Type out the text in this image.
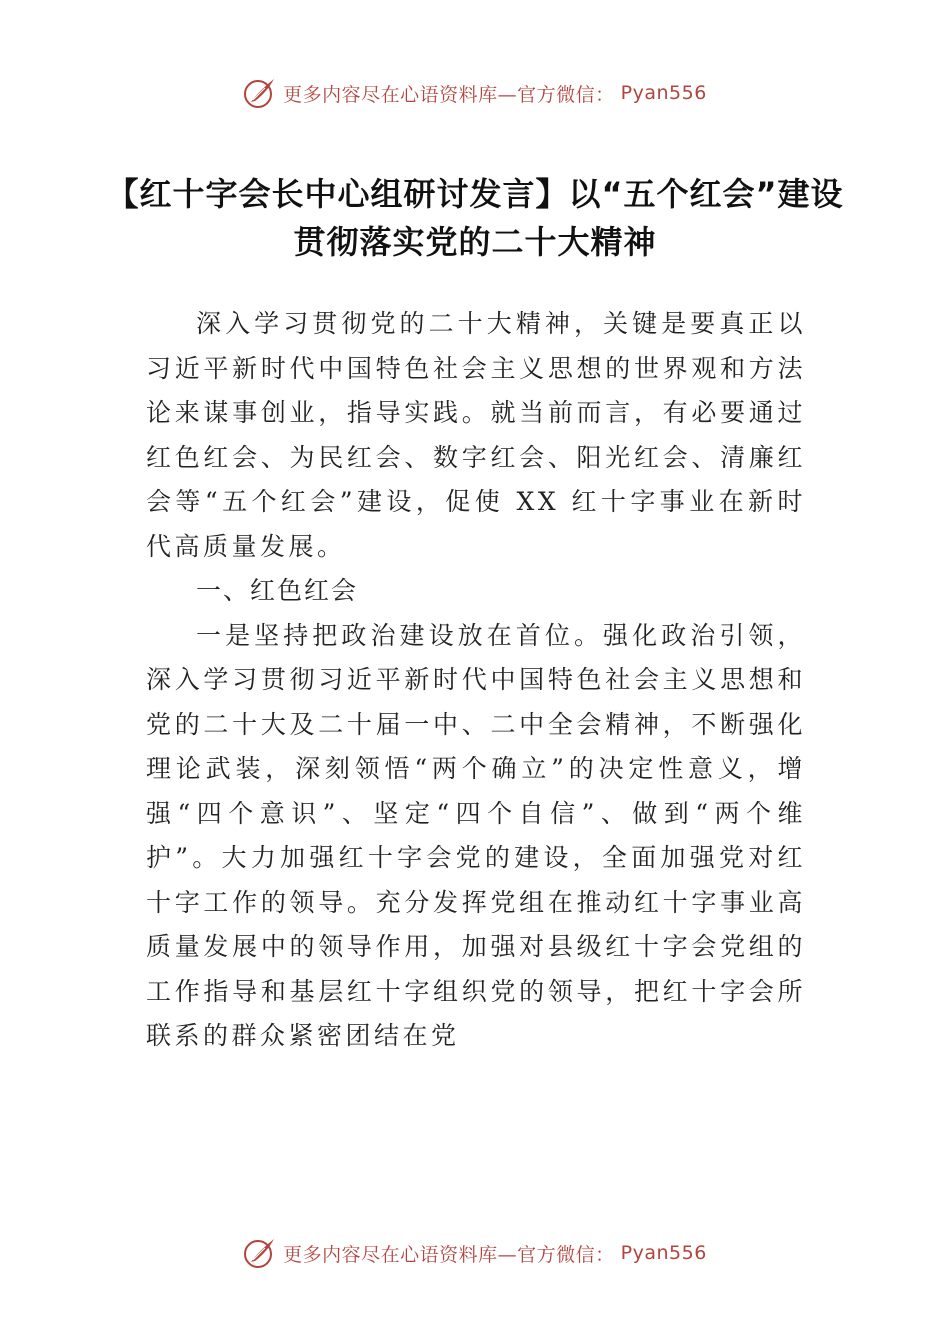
更多内容尽在心语资料库—官方微信： Pyan556
【红十字会长中心组研讨发言】以“五个红会”建设贯彻落实党的二十大精神

深入学习贯彻党的二十大精神，关键是要真正以习近平新时代中国特色社会主义思想的世界观和方法论来谋事创业，指导实践。就当前而言，有必要通过红色红会、为民红会、数字红会、阳光红会、清廉红会等“五个红会”建设，促使 XX 红十字事业在新时代高质量发展。

一、红色红会

一是坚持把政治建设放在首位。强化政治引领，深入学习贯彻习近平新时代中国特色社会主义思想和党的二十大及二十届一中、二中全会精神，不断强化理论武装，深刻领悟“两个确立”的决定性意义，增强“四个意识”、坚定“四个自信”、做到“两个维护”。大力加强红十字会党的建设，全面加强党对红十字工作的领导。充分发挥党组在推动红十字事业高质量发展中的领导作用，加强对县级红十字会党组的工作指导和基层红十字组织党的领导，把红十字会所联系的群众紧密团结在党

更多内容尽在心语资料库—官方微信： Pyan556
